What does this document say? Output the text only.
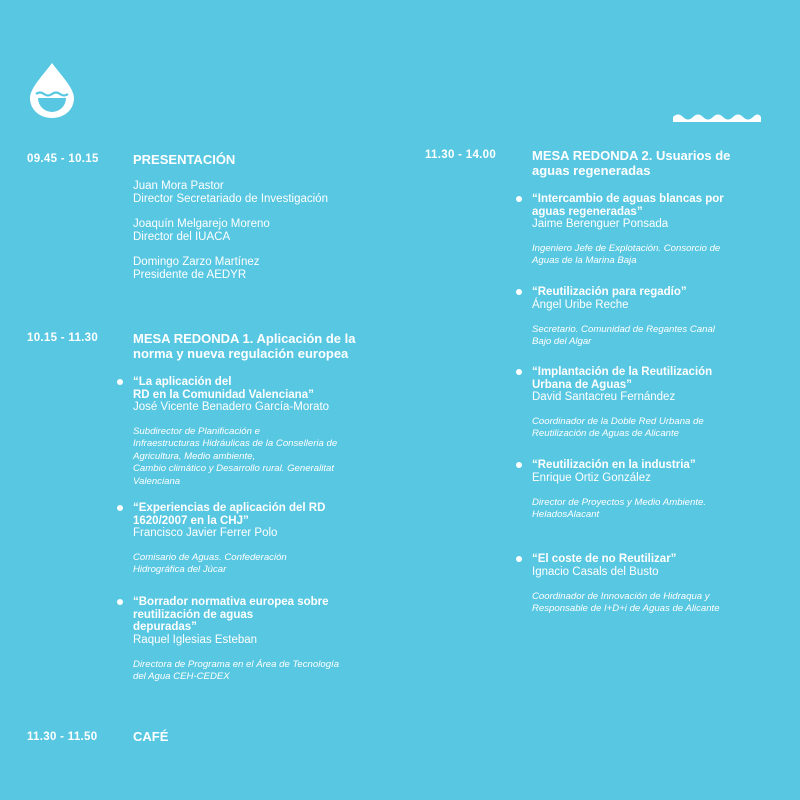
09.45 - 10.15	PRESENTACIÓN
Juan Mora Pastor
Director Secretariado de Investigación
Joaquín Melgarejo Moreno
Director del IUACA
Domingo Zarzo Martínez
Presidente de AEDYR
10.15 - 11.30	MESA REDONDA 1. Aplicación de la
norma y nueva regulación europea
“La aplicación del
RD en la Comunidad Valenciana”
José Vicente Benadero García-Morato
Subdirector de Planificación e
Infraestructuras Hidráulicas de la Conselleria de
Agricultura, Medio ambiente,
Cambio climático y Desarrollo rural. Generalitat
Valenciana
“Experiencias de aplicación del RD
1620/2007 en la CHJ”
Francisco Javier Ferrer Polo
Comisario de Aguas. Confederación
Hidrográfica del Júcar
“Borrador normativa europea sobre
reutilización de aguas
depuradas”
Raquel Iglesias Esteban
Directora de Programa en el Área de Tecnología
del Agua CEH-CEDEX
11.30 - 11.50	CAFÉ
11.30 - 14.00	MESA REDONDA 2. Usuarios de
aguas regeneradas
“Intercambio de aguas blancas por
aguas regeneradas”
Jaime Berenguer Ponsada
Ingeniero Jefe de Explotación. Consorcio de
Aguas de la Marina Baja
“Reutilización para regadío”
Ángel Uribe Reche
Secretario. Comunidad de Regantes Canal
Bajo del Algar
“Implantación de la Reutilización
Urbana de Aguas”
David Santacreu Fernández
Coordinador de la Doble Red Urbana de
Reutilización de Aguas de Alicante
“Reutilización en la industria”
Enrique Ortiz González
Director de Proyectos y Medio Ambiente.
HeladosAlacant
“El coste de no Reutilizar”
Ignacio Casals del Busto
Coordinador de Innovación de Hidraqua y
Responsable de I+D+i de Aguas de Alicante
